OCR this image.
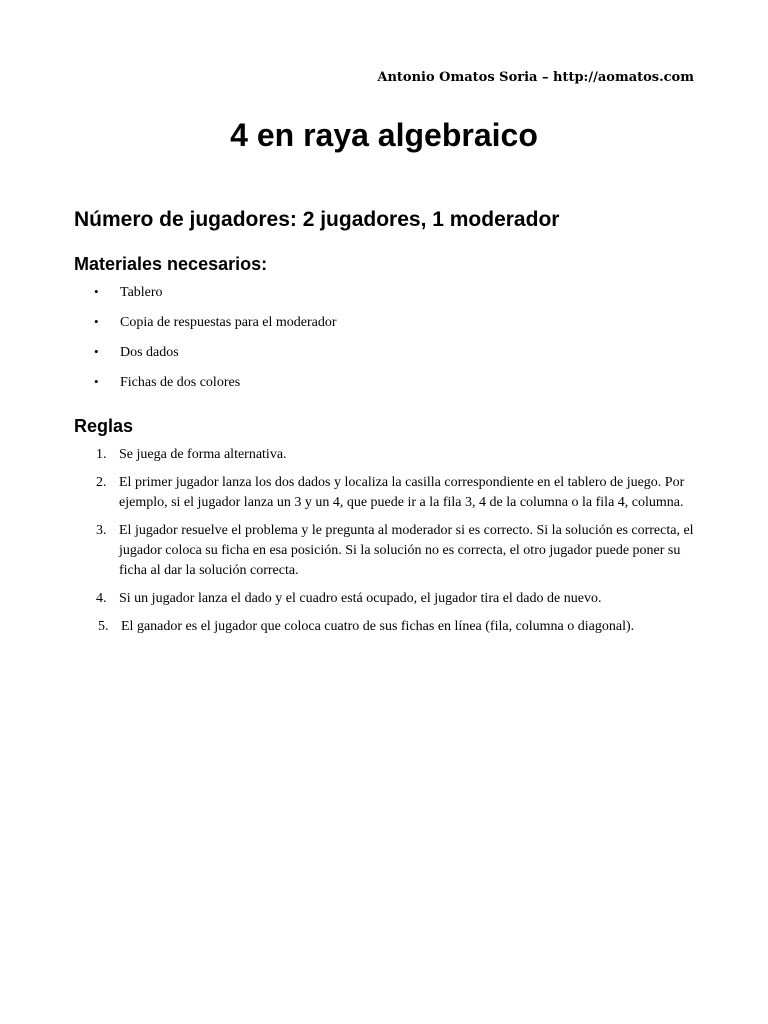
Antonio Omatos Soria – http://aomatos.com
4 en raya algebraico
Número de jugadores: 2 jugadores, 1 moderador
Materiales necesarios:
• Tablero
• Copia de respuestas para el moderador
• Dos dados
• Fichas de dos colores
Reglas
1. Se juega de forma alternativa.
2. El primer jugador lanza los dos dados y localiza la casilla correspondiente en el tablero de juego. Por ejemplo, si el jugador lanza un 3 y un 4, que puede ir a la fila 3, 4 de la columna o la fila 4, columna.
3. El jugador resuelve el problema y le pregunta al moderador si es correcto. Si la solución es correcta, el jugador coloca su ficha en esa posición. Si la solución no es correcta, el otro jugador puede poner su ficha al dar la solución correcta.
4. Si un jugador lanza el dado y el cuadro está ocupado, el jugador tira el dado de nuevo.
5. El ganador es el jugador que coloca cuatro de sus fichas en línea (fila, columna o diagonal).
